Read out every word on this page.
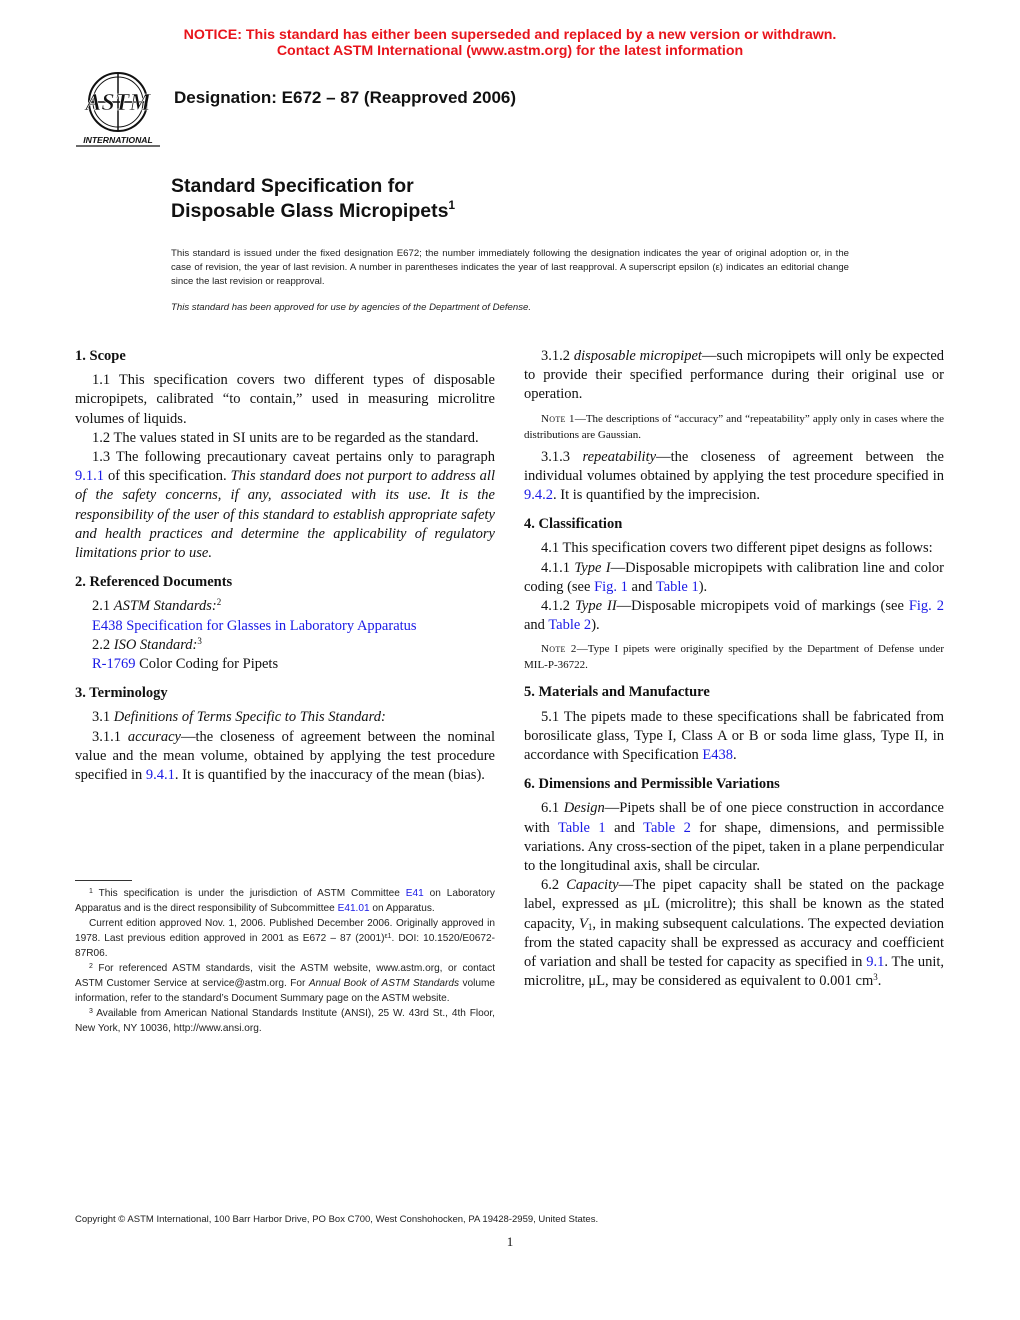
NOTICE: This standard has either been superseded and replaced by a new version or withdrawn.
Contact ASTM International (www.astm.org) for the latest information
ASTM
INTERNATIONAL
Designation: E672 – 87 (Reapproved 2006)
Standard Specification for
Disposable Glass Micropipets$^1$

This standard is issued under the fixed designation E672; the number immediately following the designation indicates the year of original adoption or, in the case of revision, the year of last revision. A number in parentheses indicates the year of last reapproval. A superscript epsilon (ε) indicates an editorial change since the last revision or reapproval.

This standard has been approved for use by agencies of the Department of Defense.

1. Scope

1.1 This specification covers two different types of disposable micropipets, calibrated “to contain,” used in measuring microlitre volumes of liquids.

1.2 The values stated in SI units are to be regarded as the standard.

1.3 The following precautionary caveat pertains only to paragraph 9.1.1 of this specification. This standard does not purport to address all of the safety concerns, if any, associated with its use. It is the responsibility of the user of this standard to establish appropriate safety and health practices and determine the applicability of regulatory limitations prior to use.

2. Referenced Documents

2.1 ASTM Standards:$^2$

E438 Specification for Glasses in Laboratory Apparatus

2.2 ISO Standard:$^3$

R-1769 Color Coding for Pipets

3. Terminology

3.1 Definitions of Terms Specific to This Standard:

3.1.1 accuracy—the closeness of agreement between the nominal value and the mean volume, obtained by applying the test procedure specified in 9.4.1. It is quantified by the inaccuracy of the mean (bias).

$^1$ This specification is under the jurisdiction of ASTM Committee E41 on Laboratory Apparatus and is the direct responsibility of Subcommittee E41.01 on Apparatus.

Current edition approved Nov. 1, 2006. Published December 2006. Originally approved in 1978. Last previous edition approved in 2001 as E672 – 87 $(2001)^{\varepsilon 1}$. DOI: 10.1520/E0672-87R06.

$^2$ For referenced ASTM standards, visit the ASTM website, www.astm.org, or contact ASTM Customer Service at service@astm.org. For Annual Book of ASTM Standards volume information, refer to the standard’s Document Summary page on the ASTM website.

$^3$ Available from American National Standards Institute (ANSI), 25 W. 43rd St., 4th Floor, New York, NY 10036, http://www.ansi.org.

3.1.2 disposable micropipet—such micropipets will only be expected to provide their specified performance during their original use or operation.

Note 1—The descriptions of “accuracy” and “repeatability” apply only in cases where the distributions are Gaussian.

3.1.3 repeatability—the closeness of agreement between the individual volumes obtained by applying the test procedure specified in 9.4.2. It is quantified by the imprecision.

4. Classification

4.1 This specification covers two different pipet designs as follows:

4.1.1 Type I—Disposable micropipets with calibration line and color coding (see Fig. 1 and Table 1).

4.1.2 Type II—Disposable micropipets void of markings (see Fig. 2 and Table 2).

Note 2—Type I pipets were originally specified by the Department of Defense under MIL-P-36722.

5. Materials and Manufacture

5.1 The pipets made to these specifications shall be fabricated from borosilicate glass, Type I, Class A or B or soda lime glass, Type II, in accordance with Specification E438.

6. Dimensions and Permissible Variations

6.1 Design—Pipets shall be of one piece construction in accordance with Table 1 and Table 2 for shape, dimensions, and permissible variations. Any cross-section of the pipet, taken in a plane perpendicular to the longitudinal axis, shall be circular.

6.2 Capacity—The pipet capacity shall be stated on the package label, expressed as μL (microlitre); this shall be known as the stated capacity, $V_1$, in making subsequent calculations. The expected deviation from the stated capacity shall be expressed as accuracy and coefficient of variation and shall be tested for capacity as specified in 9.1. The unit, microlitre, μL, may be considered as equivalent to 0.001 $cm^3$.

Copyright © ASTM International, 100 Barr Harbor Drive, PO Box C700, West Conshohocken, PA 19428-2959, United States.
1
